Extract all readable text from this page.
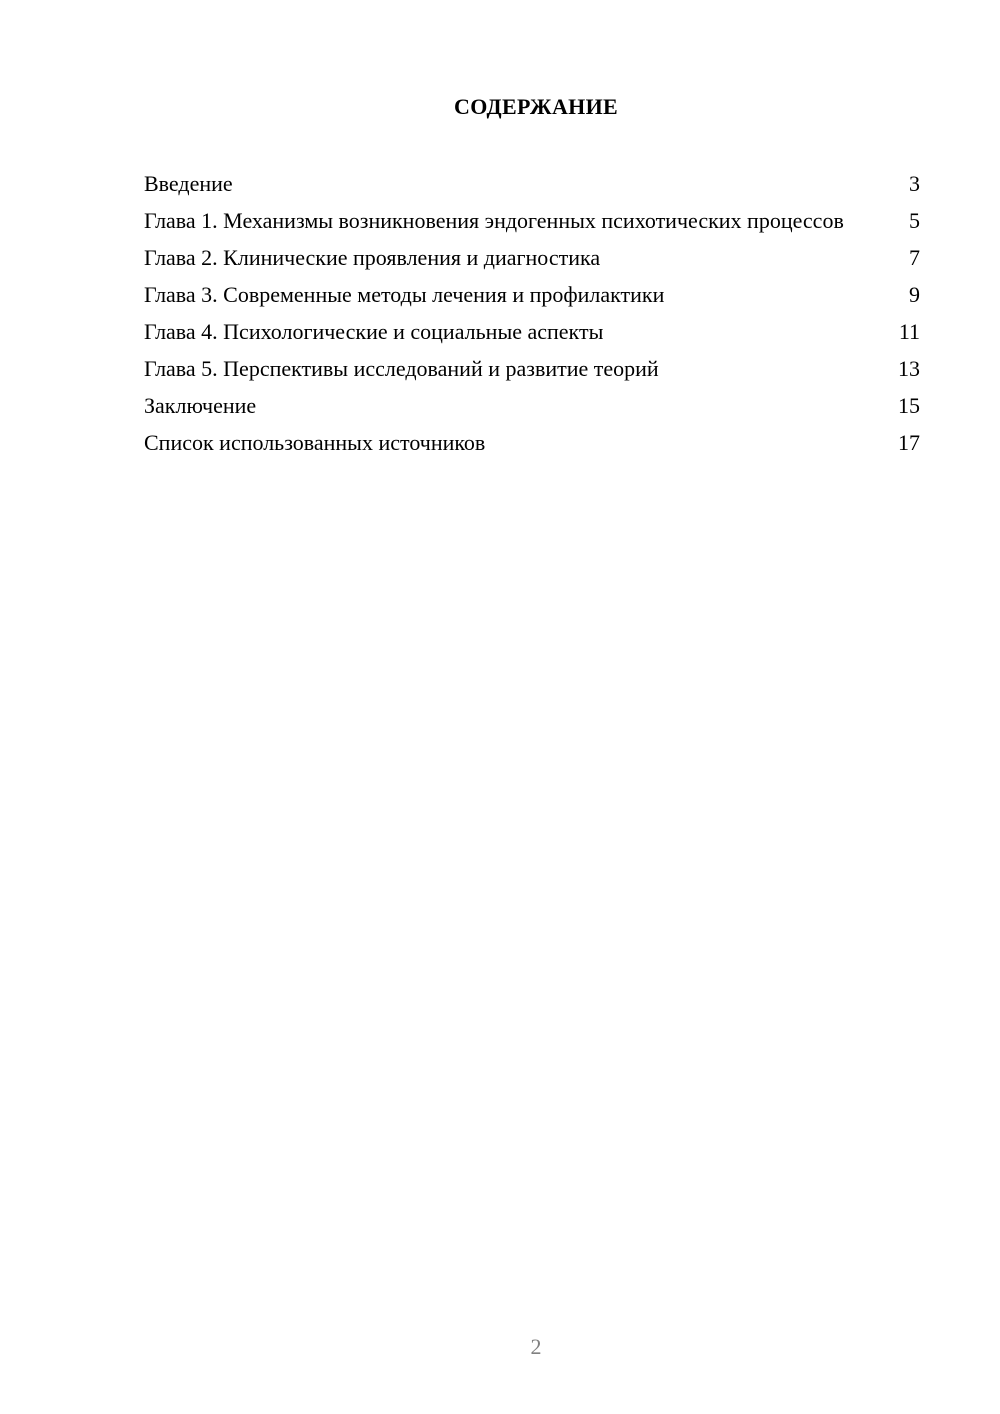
СОДЕРЖАНИЕ
Введение	3
Глава 1. Механизмы возникновения эндогенных психотических процессов	5
Глава 2. Клинические проявления и диагностика	7
Глава 3. Современные методы лечения и профилактики	9
Глава 4. Психологические и социальные аспекты	11
Глава 5. Перспективы исследований и развитие теорий	13
Заключение	15
Список использованных источников	17
2
